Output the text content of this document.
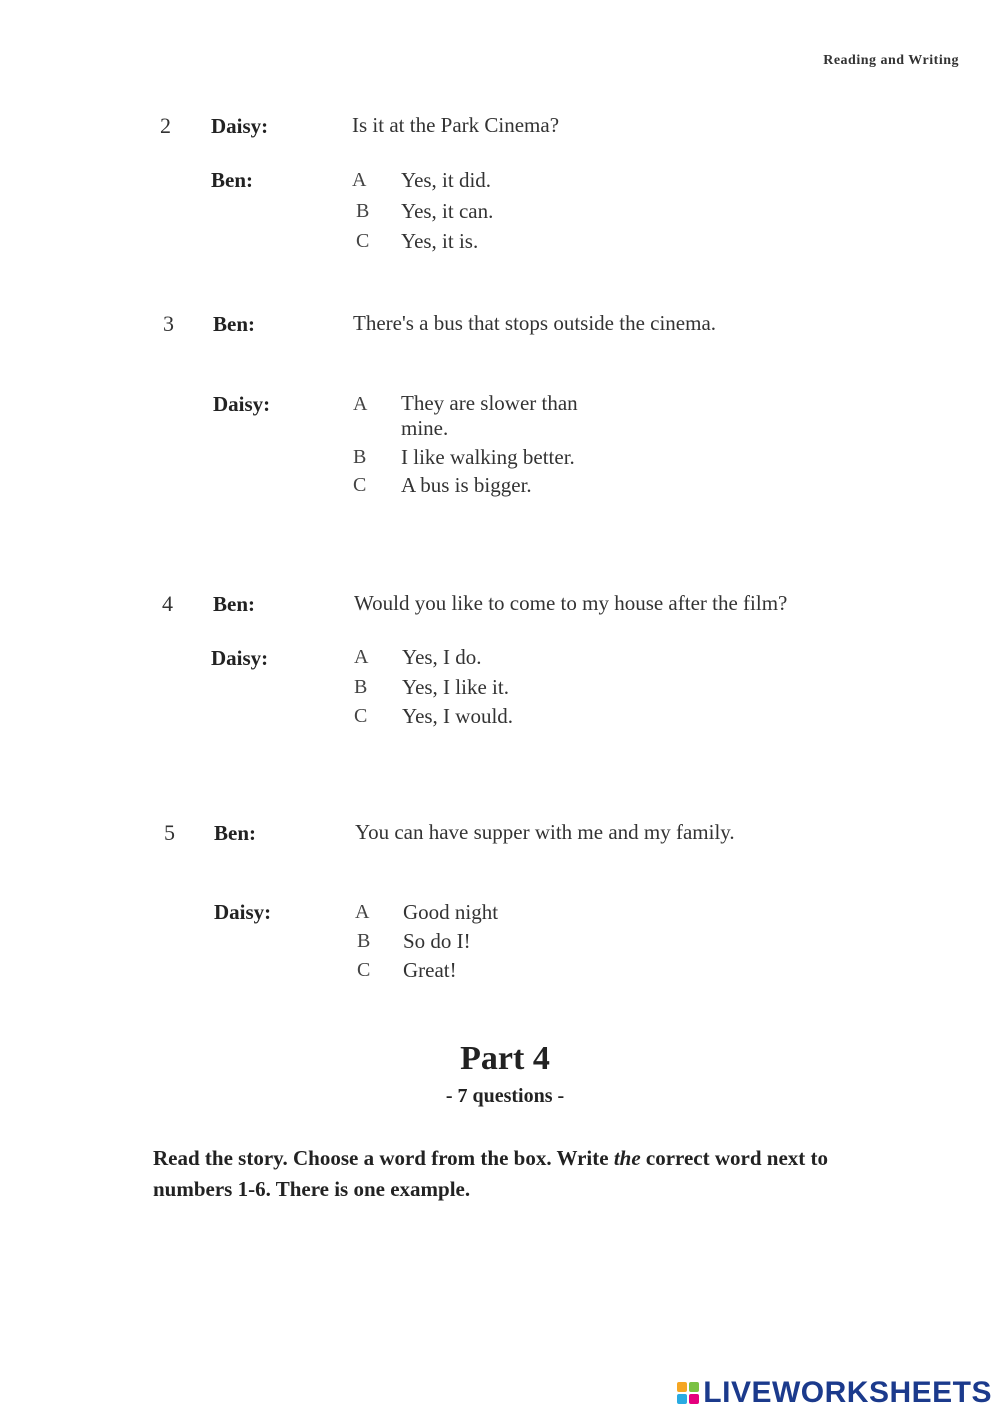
Reading and Writing
2 Daisy:	Is it at the Park Cinema?
Ben:	A Yes, it did.
B Yes, it can.
C Yes, it is.
3 Ben:	There's a bus that stops outside the cinema.
Daisy:	A They are slower than
mine.
B I like walking better.
C A bus is bigger.
4 Ben:	Would you like to come to my house after the film?
Daisy:	A Yes, I do.
B Yes, I like it.
C Yes, I would.
5 Ben:	You can have supper with me and my family.
Daisy:	A Good night
B So do I!
C Great!
Part 4
- 7 questions -
Read the story. Choose a word from the box. Write the correct word next to numbers 1-6. There is one example.
LIVEWORKSHEETS
